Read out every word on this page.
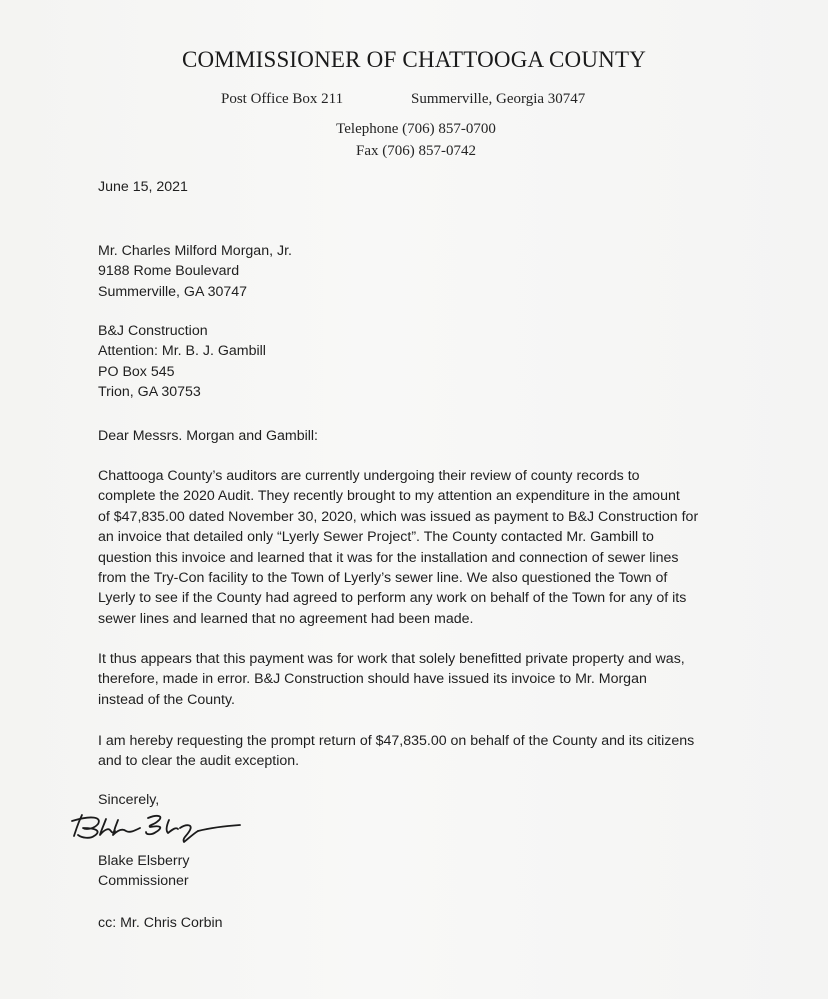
COMMISSIONER OF CHATTOOGA COUNTY
Post Office Box 211	Summerville, Georgia 30747
Telephone (706) 857-0700
Fax (706) 857-0742
June 15, 2021
Mr. Charles Milford Morgan, Jr.
9188 Rome Boulevard
Summerville, GA 30747
B&J Construction
Attention: Mr. B. J. Gambill
PO Box 545
Trion, GA 30753
Dear Messrs. Morgan and Gambill:
Chattooga County’s auditors are currently undergoing their review of county records to
complete the 2020 Audit. They recently brought to my attention an expenditure in the amount
of $47,835.00 dated November 30, 2020, which was issued as payment to B&J Construction for
an invoice that detailed only “Lyerly Sewer Project”. The County contacted Mr. Gambill to
question this invoice and learned that it was for the installation and connection of sewer lines
from the Try-Con facility to the Town of Lyerly’s sewer line. We also questioned the Town of
Lyerly to see if the County had agreed to perform any work on behalf of the Town for any of its
sewer lines and learned that no agreement had been made.
It thus appears that this payment was for work that solely benefitted private property and was,
therefore, made in error. B&J Construction should have issued its invoice to Mr. Morgan
instead of the County.
I am hereby requesting the prompt return of $47,835.00 on behalf of the County and its citizens
and to clear the audit exception.
Sincerely,
Blake Elsberry
Commissioner
cc: Mr. Chris Corbin
